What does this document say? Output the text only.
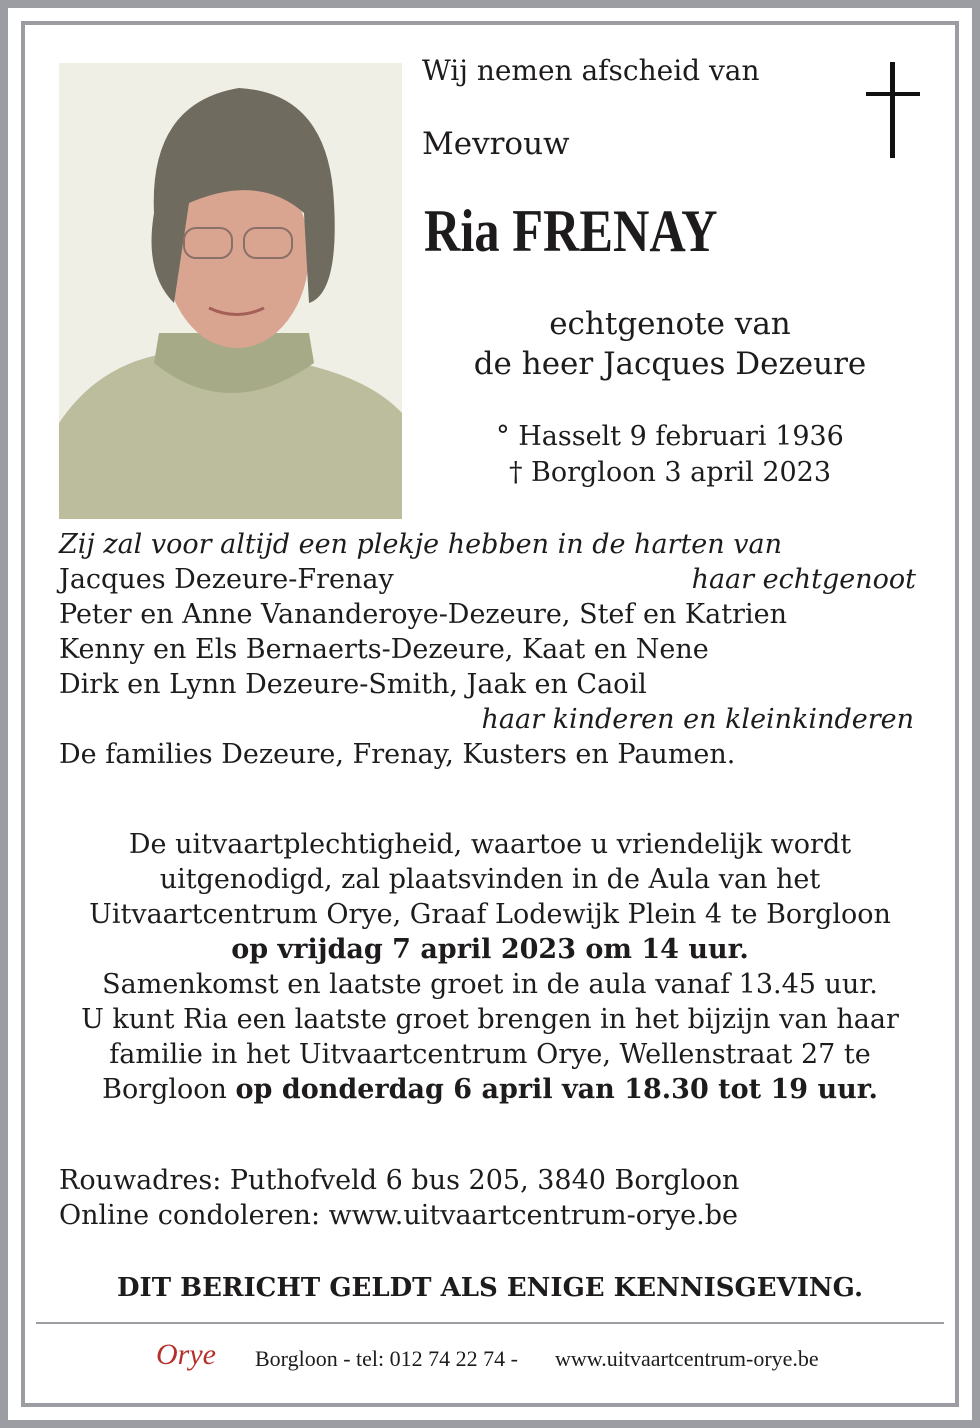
Wij nemen afscheid van
Mevrouw
Ria FRENAY
echtgenote van
de heer Jacques Dezeure
° Hasselt 9 februari 1936
† Borgloon 3 april 2023
Zij zal voor altijd een plekje hebben in de harten van
Jacques Dezeure-Frenay	haar echtgenoot
Peter en Anne Vananderoye-Dezeure, Stef en Katrien
Kenny en Els Bernaerts-Dezeure, Kaat en Nene
Dirk en Lynn Dezeure-Smith, Jaak en Caoil
haar kinderen en kleinkinderen
De families Dezeure, Frenay, Kusters en Paumen.
De uitvaartplechtigheid, waartoe u vriendelijk wordt
uitgenodigd, zal plaatsvinden in de Aula van het
Uitvaartcentrum Orye, Graaf Lodewijk Plein 4 te Borgloon
op vrijdag 7 april 2023 om 14 uur.
Samenkomst en laatste groet in de aula vanaf 13.45 uur.
U kunt Ria een laatste groet brengen in het bijzijn van haar
familie in het Uitvaartcentrum Orye, Wellenstraat 27 te
Borgloon op donderdag 6 april van 18.30 tot 19 uur.
Rouwadres: Puthofveld 6 bus 205, 3840 Borgloon
Online condoleren: www.uitvaartcentrum-orye.be
DIT BERICHT GELDT ALS ENIGE KENNISGEVING.
Orye Borgloon - tel: 012 74 22 74 - www.uitvaartcentrum-orye.be
